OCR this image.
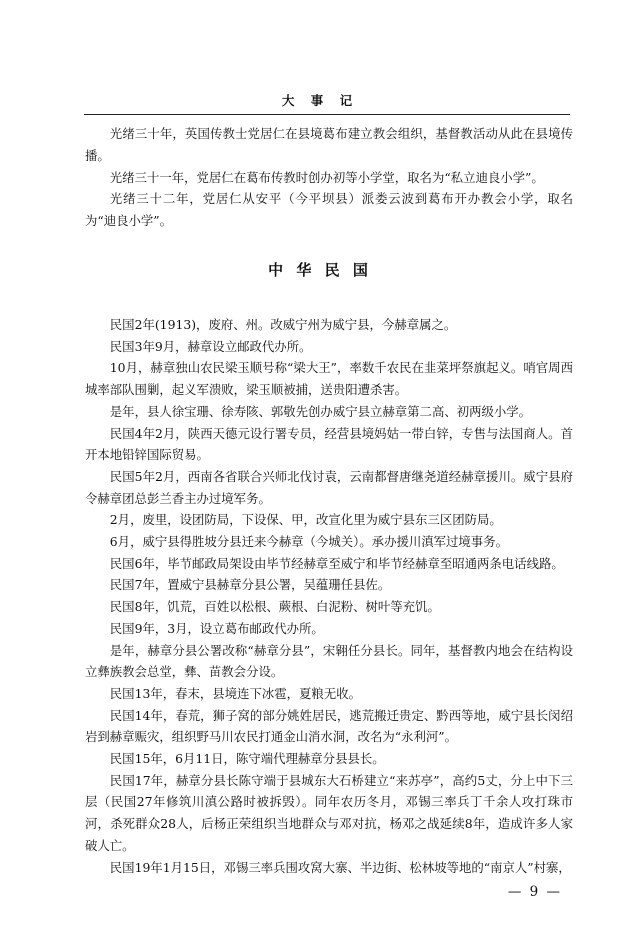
大 事 记

光绪三十年，英国传教士党居仁在县境葛布建立教会组织，基督教活动从此在县境传播。

光绪三十一年，党居仁在葛布传教时创办初等小学堂，取名为“私立迪良小学”。

光绪三十二年，党居仁从安平（今平坝县）派娄云波到葛布开办教会小学，取名为“迪良小学”。

中 华 民 国

民国2年(1913)，废府、州。改威宁州为威宁县，今赫章属之。

民国3年9月，赫章设立邮政代办所。

10月，赫章独山农民梁玉顺号称“梁大王”，率数千农民在韭菜坪祭旗起义。哨官周西城率部队围剿，起义军溃败，梁玉顺被捕，送贵阳遭杀害。

是年，县人徐宝珊、徐寿陔、郭敬先创办威宁县立赫章第二高、初两级小学。

民国4年2月，陕西天德元设行署专员，经营县境妈姑一带白锌，专售与法国商人。首开本地铅锌国际贸易。

民国5年2月，西南各省联合兴师北伐讨袁，云南都督唐继尧道经赫章援川。威宁县府令赫章团总彭兰香主办过境军务。

2月，废里，设团防局，下设保、甲，改宣化里为威宁县东三区团防局。

6月，威宁县得胜坡分县迁来今赫章（今城关）。承办援川滇军过境事务。

民国6年，毕节邮政局架设由毕节经赫章至威宁和毕节经赫章至昭通两条电话线路。

民国7年，置威宁县赫章分县公署，吴蕴珊任县佐。

民国8年，饥荒，百姓以松根、蕨根、白泥粉、树叶等充饥。

民国9年，3月，设立葛布邮政代办所。

是年，赫章分县公署改称“赫章分县”，宋翱任分县长。同年，基督教内地会在结构设立彝族教会总堂，彝、苗教会分设。

民国13年，春末，县境连下冰雹，夏粮无收。

民国14年，春荒，狮子窝的部分姚姓居民，逃荒搬迁贵定、黔西等地，威宁县长闵绍岩到赫章赈灾，组织野马川农民打通金山消水洞，改名为“永利河”。

民国15年，6月11日，陈守端代理赫章分县县长。

民国17年，赫章分县长陈守端于县城东大石桥建立“来苏亭”，高约5丈，分上中下三层（民国27年修筑川滇公路时被拆毁）。同年农历冬月，邓锡三率兵丁千余人攻打珠市河，杀死群众28人，后杨正荣组织当地群众与邓对抗，杨邓之战延续8年，造成许多人家破人亡。

民国19年1月15日，邓锡三率兵围攻窝大寨、半边街、松林坡等地的“南京人”村寨，

— 9 —
